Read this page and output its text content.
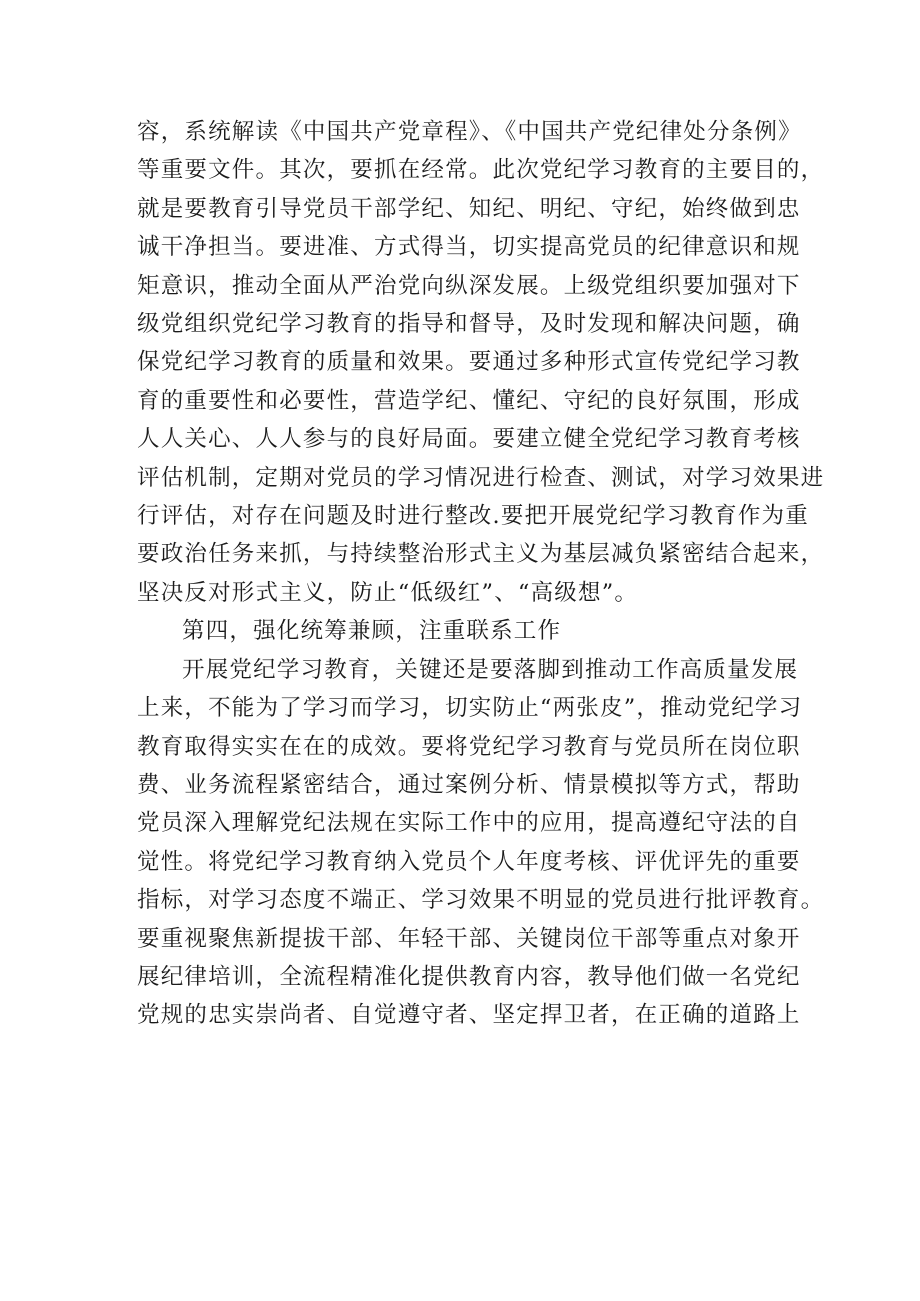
容，系统解读《中国共产党章程》、《中国共产党纪律处分条例》

等重要文件。其次，要抓在经常。此次党纪学习教育的主要目的，

就是要教育引导党员干部学纪、知纪、明纪、守纪，始终做到忠

诚干净担当。要进准、方式得当，切实提高党员的纪律意识和规

矩意识，推动全面从严治党向纵深发展。上级党组织要加强对下

级党组织党纪学习教育的指导和督导，及时发现和解决问题，确

保党纪学习教育的质量和效果。要通过多种形式宣传党纪学习教

育的重要性和必要性，营造学纪、懂纪、守纪的良好氛围，形成

人人关心、人人参与的良好局面。要建立健全党纪学习教育考核

评估机制，定期对党员的学习情况进行检查、测试，对学习效果进

行评估，对存在问题及时进行整改.要把开展党纪学习教育作为重

要政治任务来抓，与持续整治形式主义为基层减负紧密结合起来，

坚决反对形式主义，防止“低级红”、“高级想”。

第四，强化统筹兼顾，注重联系工作

开展党纪学习教育，关键还是要落脚到推动工作高质量发展

上来，不能为了学习而学习，切实防止“两张皮”，推动党纪学习

教育取得实实在在的成效。要将党纪学习教育与党员所在岗位职

费、业务流程紧密结合，通过案例分析、情景模拟等方式，帮助

党员深入理解党纪法规在实际工作中的应用，提高遵纪守法的自

觉性。将党纪学习教育纳入党员个人年度考核、评优评先的重要

指标，对学习态度不端正、学习效果不明显的党员进行批评教育。

要重视聚焦新提拔干部、年轻干部、关键岗位干部等重点对象开

展纪律培训，全流程精准化提供教育内容，教导他们做一名党纪

党规的忠实崇尚者、自觉遵守者、坚定捍卫者，在正确的道路上
